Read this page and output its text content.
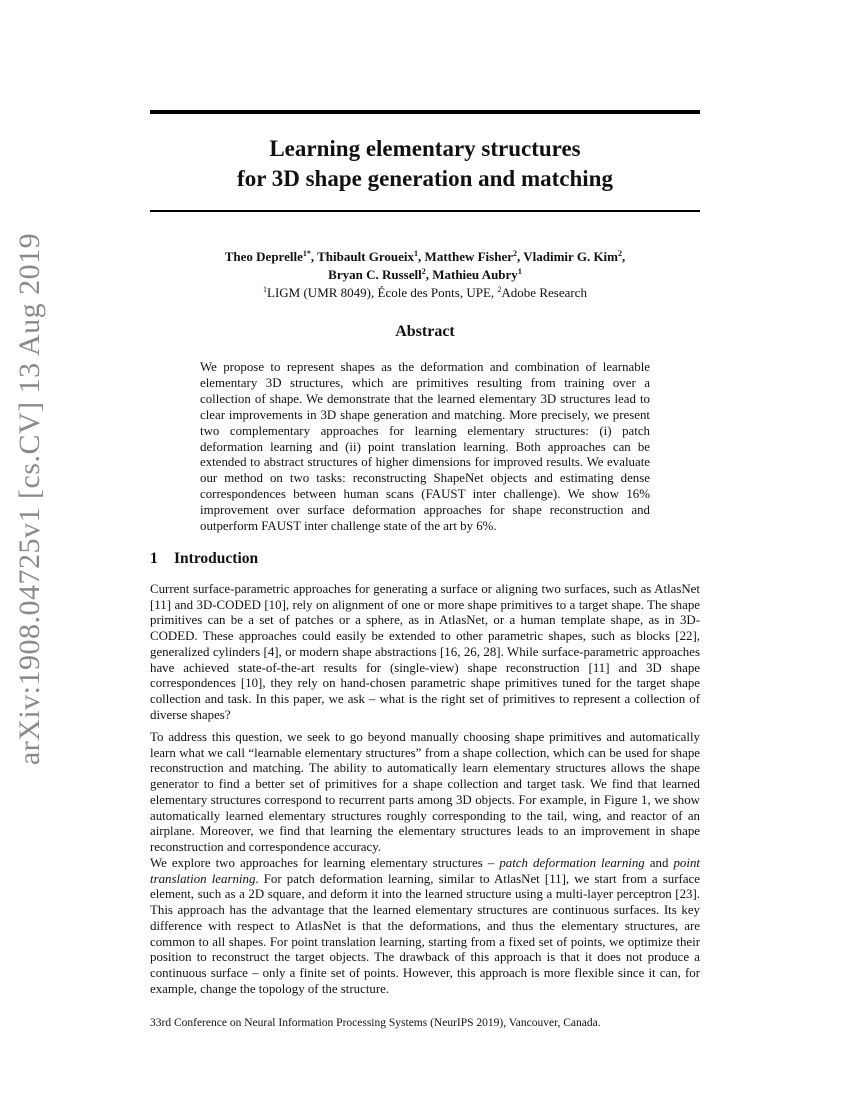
arXiv:1908.04725v1 [cs.CV] 13 Aug 2019
Learning elementary structures
for 3D shape generation and matching
Theo Deprelle$^{1*}$, Thibault Groueix$^1$, Matthew Fisher$^2$, Vladimir G. Kim$^2$,
Bryan C. Russell$^2$, Mathieu Aubry$^1$
$^1$LIGM (UMR 8049), École des Ponts, UPE, $^2$Adobe Research
Abstract

We propose to represent shapes as the deformation and combination of learnable elementary 3D structures, which are primitives resulting from training over a collection of shape. We demonstrate that the learned elementary 3D structures lead to clear improvements in 3D shape generation and matching. More precisely, we present two complementary approaches for learning elementary structures: (i) patch deformation learning and (ii) point translation learning. Both approaches can be extended to abstract structures of higher dimensions for improved results. We evaluate our method on two tasks: reconstructing ShapeNet objects and estimating dense correspondences between human scans (FAUST inter challenge). We show 16% improvement over surface deformation approaches for shape reconstruction and outperform FAUST inter challenge state of the art by 6%.

1 Introduction

Current surface-parametric approaches for generating a surface or aligning two surfaces, such as AtlasNet [11] and 3D-CODED [10], rely on alignment of one or more shape primitives to a target shape. The shape primitives can be a set of patches or a sphere, as in AtlasNet, or a human template shape, as in 3D-CODED. These approaches could easily be extended to other parametric shapes, such as blocks [22], generalized cylinders [4], or modern shape abstractions [16, 26, 28]. While surface-parametric approaches have achieved state-of-the-art results for (single-view) shape reconstruction [11] and 3D shape correspondences [10], they rely on hand-chosen parametric shape primitives tuned for the target shape collection and task. In this paper, we ask – what is the right set of primitives to represent a collection of diverse shapes?

To address this question, we seek to go beyond manually choosing shape primitives and automatically learn what we call “learnable elementary structures” from a shape collection, which can be used for shape reconstruction and matching. The ability to automatically learn elementary structures allows the shape generator to find a better set of primitives for a shape collection and target task. We find that learned elementary structures correspond to recurrent parts among 3D objects. For example, in Figure 1, we show automatically learned elementary structures roughly corresponding to the tail, wing, and reactor of an airplane. Moreover, we find that learning the elementary structures leads to an improvement in shape reconstruction and correspondence accuracy.

We explore two approaches for learning elementary structures – patch deformation learning and point translation learning. For patch deformation learning, similar to AtlasNet [11], we start from a surface element, such as a 2D square, and deform it into the learned structure using a multi-layer perceptron [23]. This approach has the advantage that the learned elementary structures are continuous surfaces. Its key difference with respect to AtlasNet is that the deformations, and thus the elementary structures, are common to all shapes. For point translation learning, starting from a fixed set of points, we optimize their position to reconstruct the target objects. The drawback of this approach is that it does not produce a continuous surface – only a finite set of points. However, this approach is more flexible since it can, for example, change the topology of the structure.

33rd Conference on Neural Information Processing Systems (NeurIPS 2019), Vancouver, Canada.
